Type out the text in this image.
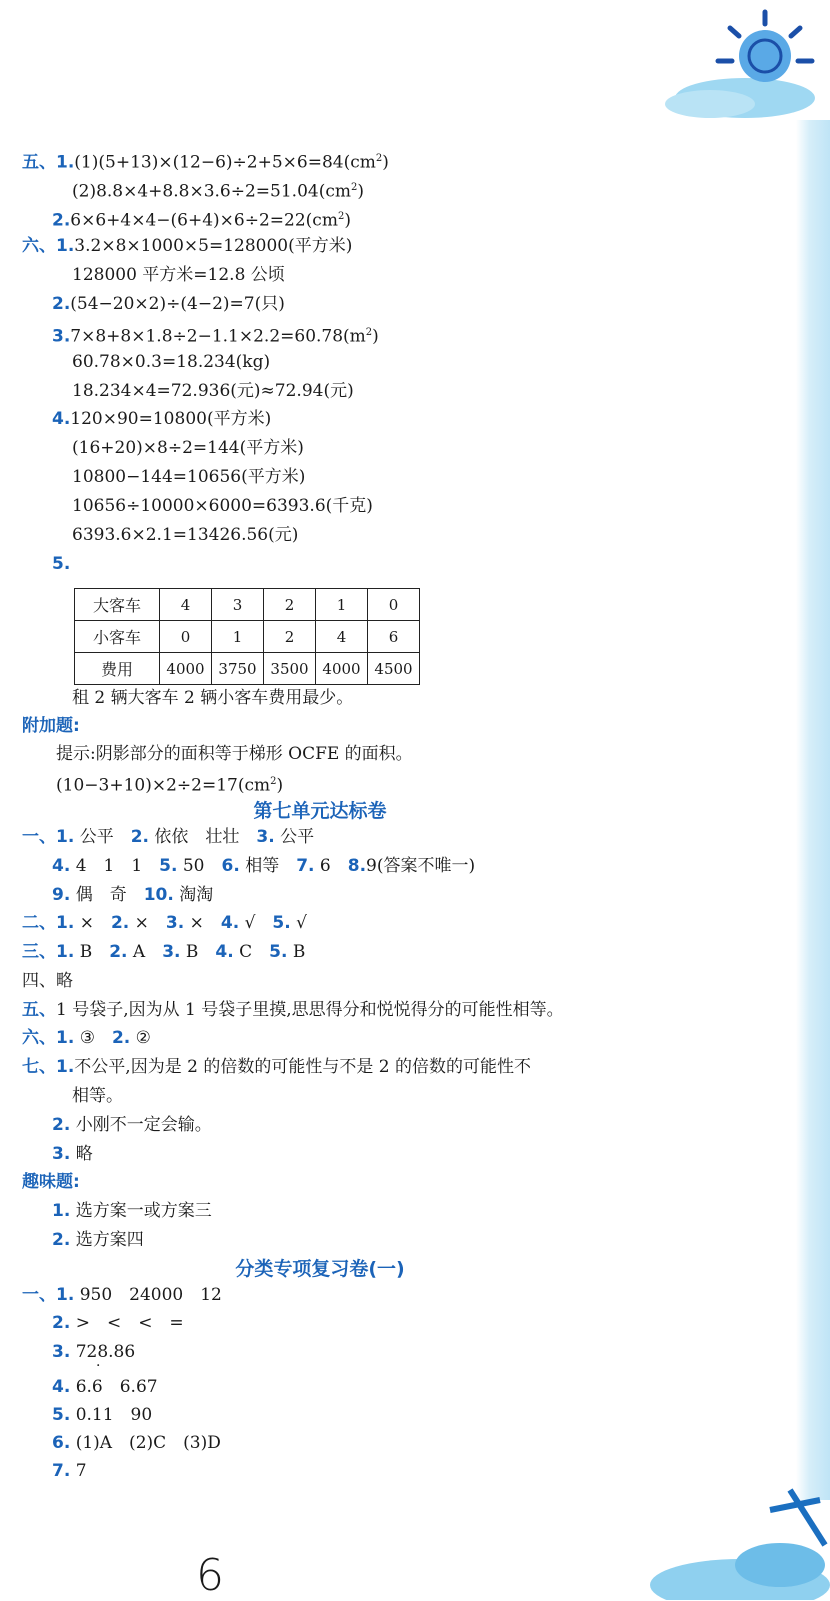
五、$1.(1)(5+13)\times(12-6)\div 2+5\times 6=84(cm^2)$
$(2)8.8\times 4+8.8\times 3.6\div 2=51.04(cm^2)$
$2.6\times 6+4\times 4-(6+4)\times 6\div 2=22(cm^2)$
六、1.3.2×8×1000×5=128000(平方米)
128000 平方米=12.8 公顷
2.(54−20×2)÷(4−2)=7(只)
$3.7\times 8+8\times 1.8\div 2-1.1\times 2.2=60.78(m^2)$
60.78×0.3=18.234(kg)
18.234×4=72.936(元)≈72.94(元)
4.120×90=10800(平方米)
(16+20)×8÷2=144(平方米)
10800−144=10656(平方米)
10656÷10000×6000=6393.6(千克)
6393.6×2.1=13426.56(元)
5.
大客车	4	3	2	1	0
小客车	0	1	2	4	6
费用	4000	3750	3500	4000	4500
租 2 辆大客车 2 辆小客车费用最少。
附加题:
提示:阴影部分的面积等于梯形 OCFE 的面积。
$(10-3+10)\times 2\div 2=17(cm^2)$
第七单元达标卷
一、1. 公平　 2. 依依　壮壮　 3. 公平
4. 4　1　1　 5. 50　 6. 相等　 7. 6　 8.9(答案不唯一)
9. 偶　奇　 10. 淘淘
二、1. ×　 2. ×　 3. ×　 4. √　 5. √
三、1. B　 2. A　 3. B　 4. C　 5. B
四、略
五、1 号袋子,因为从 1 号袋子里摸,思思得分和悦悦得分的可能性相等。
六、1. ③　 2. ②
七、1.不公平,因为是 2 的倍数的可能性与不是 2 的倍数的可能性不
相等。
2. 小刚不一定会输。
3. 略
趣味题:
1. 选方案一或方案三
2. 选方案四
分类专项复习卷(一)
一、1. 950　24000　12
2. >　<　<　=
3. 728.86
4. 6.6　6.67
·
5. 0.11　90
6. (1)A　(2)C　(3)D
7. 7
6
